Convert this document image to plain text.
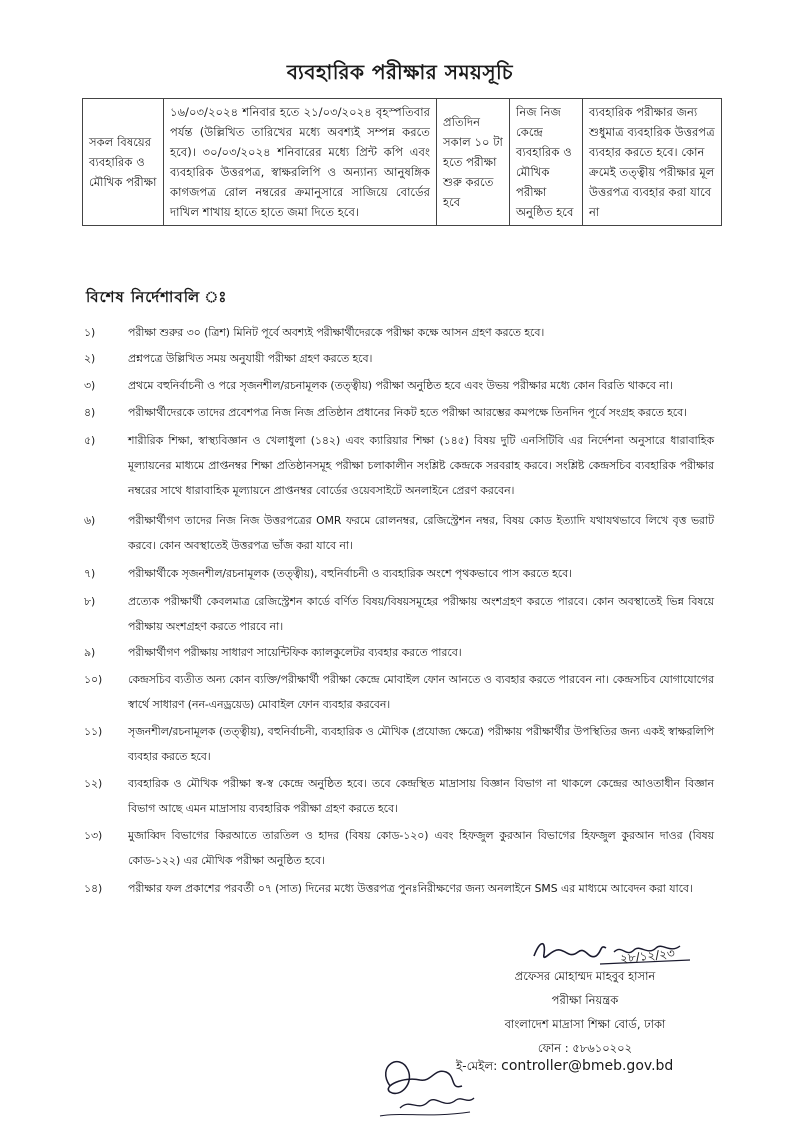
ব্যবহারিক পরীক্ষার সময়সূচি
সকল বিষয়ের ব্যবহারিক ও মৌখিক পরীক্ষা	১৬/০৩/২০২৪ শনিবার হতে ২১/০৩/২০২৪ বৃহস্পতিবার পর্যন্ত (উল্লিখিত তারিখের মধ্যে অবশ্যই সম্পন্ন করতে হবে)। ৩০/০৩/২০২৪ শনিবারের মধ্যে প্রিন্ট কপি এবং ব্যবহারিক উত্তরপত্র, স্বাক্ষরলিপি ও অন্যান্য আনুষঙ্গিক কাগজপত্র রোল নম্বরের ক্রমানুসারে সাজিয়ে বোর্ডের দাখিল শাখায় হাতে হাতে জমা দিতে হবে।	প্রতিদিন সকাল ১০ টা হতে পরীক্ষা শুরু করতে হবে	নিজ নিজ কেন্দ্রে ব্যবহারিক ও মৌখিক পরীক্ষা অনুষ্ঠিত হবে	ব্যবহারিক পরীক্ষার জন্য শুধুমাত্র ব্যবহারিক উত্তরপত্র ব্যবহার করতে হবে। কোন ক্রমেই তত্ত্বীয় পরীক্ষার মূল উত্তরপত্র ব্যবহার করা যাবে না
বিশেষ নির্দেশাবলি ঃ
১)	পরীক্ষা শুরুর ৩০ (ত্রিশ) মিনিট পূর্বে অবশ্যই পরীক্ষার্থীদেরকে পরীক্ষা কক্ষে আসন গ্রহণ করতে হবে।
২)	প্রশ্নপত্রে উল্লিখিত সময় অনুযায়ী পরীক্ষা গ্রহণ করতে হবে।
৩)	প্রথমে বহুনির্বাচনী ও পরে সৃজনশীল/রচনামূলক (তত্ত্বীয়) পরীক্ষা অনুষ্ঠিত হবে এবং উভয় পরীক্ষার মধ্যে কোন বিরতি থাকবে না।
৪)	পরীক্ষার্থীদেরকে তাদের প্রবেশপত্র নিজ নিজ প্রতিষ্ঠান প্রধানের নিকট হতে পরীক্ষা আরম্ভের কমপক্ষে তিনদিন পূর্বে সংগ্রহ করতে হবে।
৫)	শারীরিক শিক্ষা, স্বাস্থ্যবিজ্ঞান ও খেলাধুলা (১৪২) এবং ক্যারিয়ার শিক্ষা (১৪৫) বিষয় দুটি এনসিটিবি এর নির্দেশনা অনুসারে ধারাবাহিক মূল্যায়নের মাধ্যমে প্রাপ্তনম্বর শিক্ষা প্রতিষ্ঠানসমূহ পরীক্ষা চলাকালীন সংশ্লিষ্ট কেন্দ্রকে সরবরাহ করবে। সংশ্লিষ্ট কেন্দ্রসচিব ব্যবহারিক পরীক্ষার নম্বরের সাথে ধারাবাহিক মূল্যায়নে প্রাপ্তনম্বর বোর্ডের ওয়েবসাইটে অনলাইনে প্রেরণ করবেন।
৬)	পরীক্ষার্থীগণ তাদের নিজ নিজ উত্তরপত্রের OMR ফরমে রোলনম্বর, রেজিস্ট্রেশন নম্বর, বিষয় কোড ইত্যাদি যথাযথভাবে লিখে বৃত্ত ভরাট করবে। কোন অবস্থাতেই উত্তরপত্র ভাঁজ করা যাবে না।
৭)	পরীক্ষার্থীকে সৃজনশীল/রচনামূলক (তত্ত্বীয়), বহুনির্বাচনী ও ব্যবহারিক অংশে পৃথকভাবে পাস করতে হবে।
৮)	প্রত্যেক পরীক্ষার্থী কেবলমাত্র রেজিস্ট্রেশন কার্ডে বর্ণিত বিষয়/বিষয়সমূহের পরীক্ষায় অংশগ্রহণ করতে পারবে। কোন অবস্থাতেই ভিন্ন বিষয়ে পরীক্ষায় অংশগ্রহণ করতে পারবে না।
৯)	পরীক্ষার্থীগণ পরীক্ষায় সাধারণ সায়েন্টিফিক ক্যালকুলেটর ব্যবহার করতে পারবে।
১০)	কেন্দ্রসচিব ব্যতীত অন্য কোন ব্যক্তি/পরীক্ষার্থী পরীক্ষা কেন্দ্রে মোবাইল ফোন আনতে ও ব্যবহার করতে পারবেন না। কেন্দ্রসচিব যোগাযোগের স্বার্থে সাধারণ (নন-এনড্রয়েড) মোবাইল ফোন ব্যবহার করবেন।
১১)	সৃজনশীল/রচনামূলক (তত্ত্বীয়), বহুনির্বাচনী, ব্যবহারিক ও মৌখিক (প্রযোজ্য ক্ষেত্রে) পরীক্ষায় পরীক্ষার্থীর উপস্থিতির জন্য একই স্বাক্ষরলিপি ব্যবহার করতে হবে।
১২)	ব্যবহারিক ও মৌখিক পরীক্ষা স্ব-স্ব কেন্দ্রে অনুষ্ঠিত হবে। তবে কেন্দ্রস্থিত মাদ্রাসায় বিজ্ঞান বিভাগ না থাকলে কেন্দ্রের আওতাধীন বিজ্ঞান বিভাগ আছে এমন মাদ্রাসায় ব্যবহারিক পরীক্ষা গ্রহণ করতে হবে।
১৩)	মুজাব্বিদ বিভাগের কিরআতে তারতিল ও হাদর (বিষয় কোড-১২০) এবং হিফজুল কুরআন বিভাগের হিফজুল কুরআন দাওর (বিষয় কোড-১২২) এর মৌখিক পরীক্ষা অনুষ্ঠিত হবে।
১৪)	পরীক্ষার ফল প্রকাশের পরবর্তী ০৭ (সাত) দিনের মধ্যে উত্তরপত্র পুনঃনিরীক্ষণের জন্য অনলাইনে SMS এর মাধ্যমে আবেদন করা যাবে।
২৮/১২/২৩
প্রফেসর মোহাম্মদ মাহবুব হাসান
পরীক্ষা নিয়ন্ত্রক
বাংলাদেশ মাদ্রাসা শিক্ষা বোর্ড, ঢাকা
ফোন : ৫৮৬১০২০২
ই-মেইল: controller@bmeb.gov.bd
